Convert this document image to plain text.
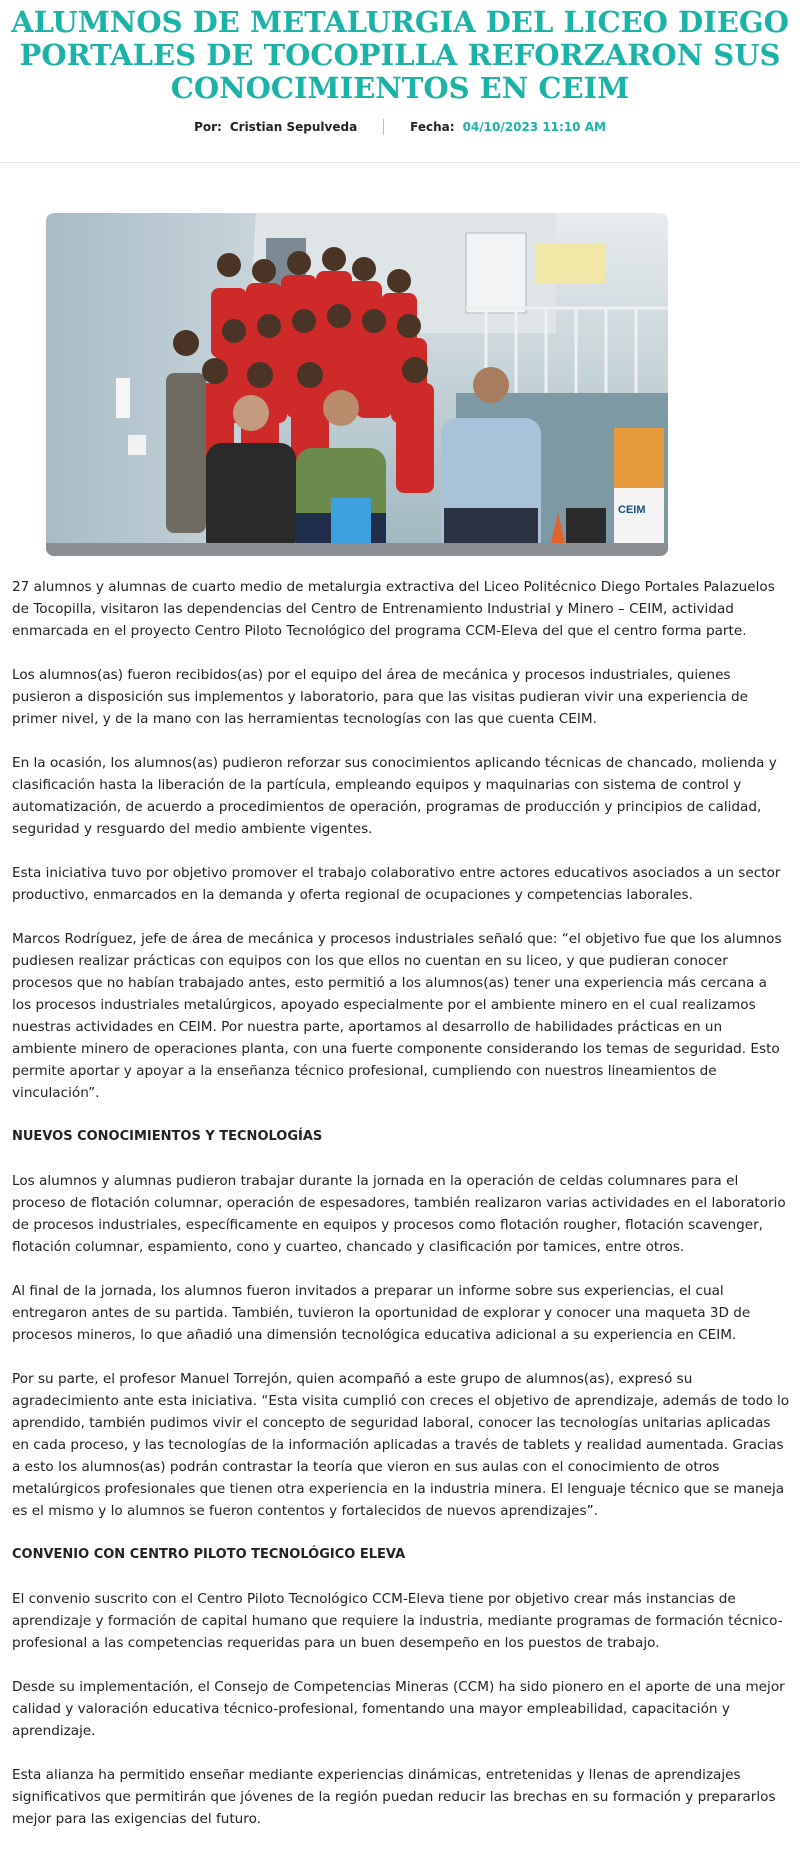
ALUMNOS DE METALURGIA DEL LICEO DIEGO PORTALES DE TOCOPILLA REFORZARON SUS CONOCIMIENTOS EN CEIM
Por: Cristian Sepulveda	Fecha: 04/10/2023 11:10 AM
CEIM

27 alumnos y alumnas de cuarto medio de metalurgia extractiva del Liceo Politécnico Diego Portales Palazuelos de Tocopilla, visitaron las dependencias del Centro de Entrenamiento Industrial y Minero – CEIM, actividad enmarcada en el proyecto Centro Piloto Tecnológico del programa CCM-Eleva del que el centro forma parte.

Los alumnos(as) fueron recibidos(as) por el equipo del área de mecánica y procesos industriales, quienes pusieron a disposición sus implementos y laboratorio, para que las visitas pudieran vivir una experiencia de primer nivel, y de la mano con las herramientas tecnologías con las que cuenta CEIM.

En la ocasión, los alumnos(as) pudieron reforzar sus conocimientos aplicando técnicas de chancado, molienda y clasificación hasta la liberación de la partícula, empleando equipos y maquinarias con sistema de control y automatización, de acuerdo a procedimientos de operación, programas de producción y principios de calidad, seguridad y resguardo del medio ambiente vigentes.

Esta iniciativa tuvo por objetivo promover el trabajo colaborativo entre actores educativos asociados a un sector productivo, enmarcados en la demanda y oferta regional de ocupaciones y competencias laborales.

Marcos Rodríguez, jefe de área de mecánica y procesos industriales señaló que: “el objetivo fue que los alumnos pudiesen realizar prácticas con equipos con los que ellos no cuentan en su liceo, y que pudieran conocer procesos que no habían trabajado antes, esto permitió a los alumnos(as) tener una experiencia más cercana a los procesos industriales metalúrgicos, apoyado especialmente por el ambiente minero en el cual realizamos nuestras actividades en CEIM. Por nuestra parte, aportamos al desarrollo de habilidades prácticas en un ambiente minero de operaciones planta, con una fuerte componente considerando los temas de seguridad. Esto permite aportar y apoyar a la enseñanza técnico profesional, cumpliendo con nuestros lineamientos de vinculación”.

NUEVOS CONOCIMIENTOS Y TECNOLOGÍAS

Los alumnos y alumnas pudieron trabajar durante la jornada en la operación de celdas columnares para el proceso de flotación columnar, operación de espesadores, también realizaron varias actividades en el laboratorio de procesos industriales, específicamente en equipos y procesos como flotación rougher, flotación scavenger, flotación columnar, espamiento, cono y cuarteo, chancado y clasificación por tamices, entre otros.

Al final de la jornada, los alumnos fueron invitados a preparar un informe sobre sus experiencias, el cual entregaron antes de su partida. También, tuvieron la oportunidad de explorar y conocer una maqueta 3D de procesos mineros, lo que añadió una dimensión tecnológica educativa adicional a su experiencia en CEIM.

Por su parte, el profesor Manuel Torrejón, quien acompañó a este grupo de alumnos(as), expresó su agradecimiento ante esta iniciativa. “Esta visita cumplió con creces el objetivo de aprendizaje, además de todo lo aprendido, también pudimos vivir el concepto de seguridad laboral, conocer las tecnologías unitarias aplicadas en cada proceso, y las tecnologías de la información aplicadas a través de tablets y realidad aumentada. Gracias a esto los alumnos(as) podrán contrastar la teoría que vieron en sus aulas con el conocimiento de otros metalúrgicos profesionales que tienen otra experiencia en la industria minera. El lenguaje técnico que se maneja es el mismo y lo alumnos se fueron contentos y fortalecidos de nuevos aprendizajes”.

CONVENIO CON CENTRO PILOTO TECNOLÓGICO ELEVA

El convenio suscrito con el Centro Piloto Tecnológico CCM-Eleva tiene por objetivo crear más instancias de aprendizaje y formación de capital humano que requiere la industria, mediante programas de formación técnico-profesional a las competencias requeridas para un buen desempeño en los puestos de trabajo.

Desde su implementación, el Consejo de Competencias Mineras (CCM) ha sido pionero en el aporte de una mejor calidad y valoración educativa técnico-profesional, fomentando una mayor empleabilidad, capacitación y aprendizaje.

Esta alianza ha permitido enseñar mediante experiencias dinámicas, entretenidas y llenas de aprendizajes significativos que permitirán que jóvenes de la región puedan reducir las brechas en su formación y prepararlos mejor para las exigencias del futuro.
